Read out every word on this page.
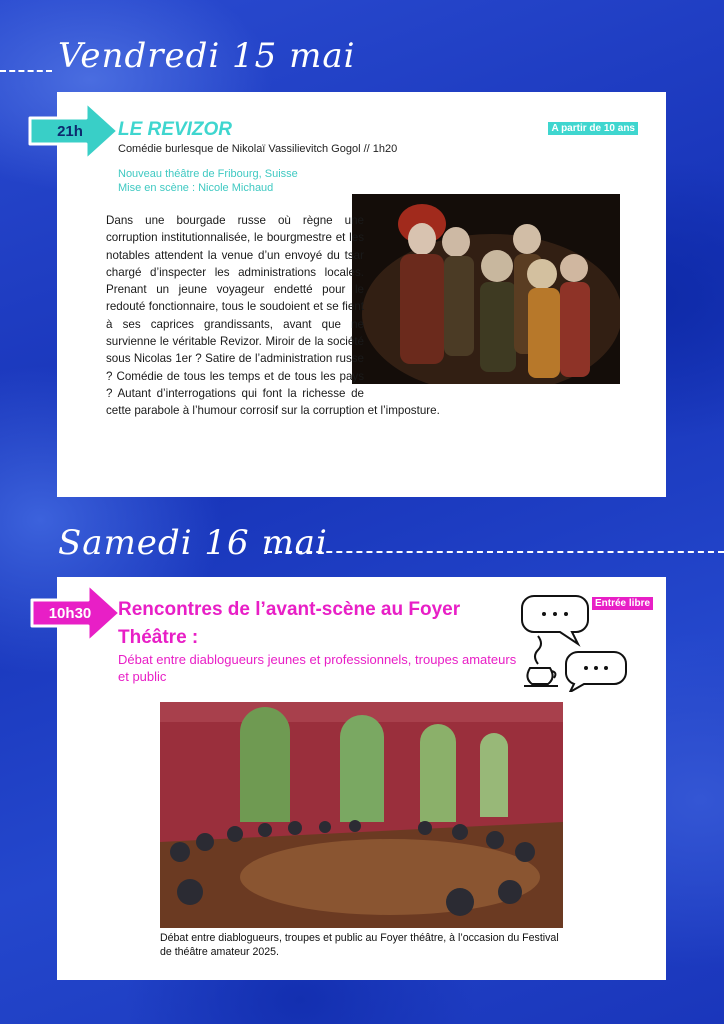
Vendredi 15 mai
21h	LE REVIZOR	A partir de 10 ans
Comédie burlesque de Nikolaï Vassilievitch Gogol // 1h20
Nouveau théâtre de Fribourg, Suisse
Mise en scène : Nicole Michaud
Dans une bourgade russe où règne une corruption institutionnalisée, le bourgmestre et les notables attendent la venue d’un envoyé du tsar chargé d’inspecter les administrations locales. Prenant un jeune voyageur endetté pour le redouté fonctionnaire, tous le soudoient et se fient à ses caprices grandissants, avant que ne survienne le véritable Revizor. Miroir de la société sous Nicolas 1er ? Satire de l’administration russe ? Comédie de tous les temps et de tous les pays ? Autant d’interrogations qui font la richesse de cette parabole à l’humour corrosif sur la corruption et l’imposture.
Samedi 16 mai
10h30	Rencontres de l’avant-scène au Foyer Théâtre :
Entrée libre
Débat entre diablogueurs jeunes et professionnels, troupes amateurs et public
Débat entre diablogueurs, troupes et public au Foyer théâtre, à l’occasion du Festival de théâtre amateur 2025.
